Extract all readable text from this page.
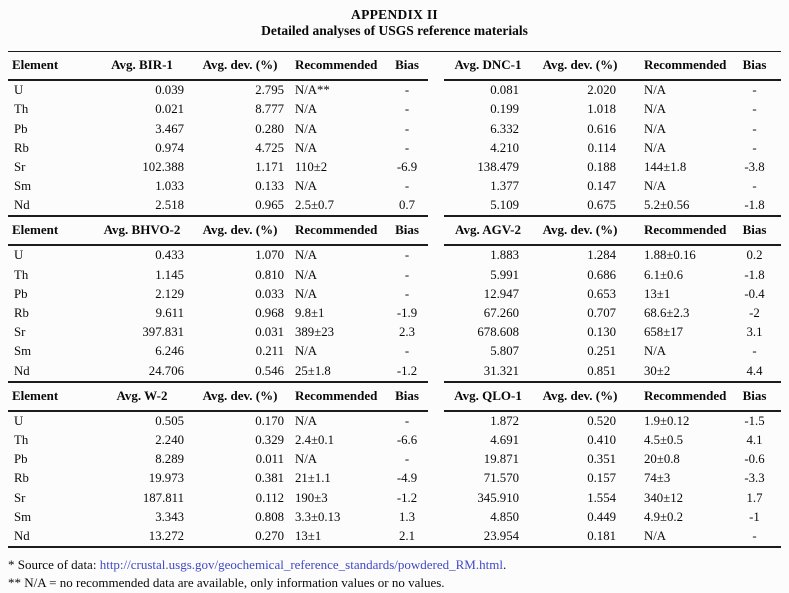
APPENDIX II
Detailed analyses of USGS reference materials
Element	Avg. BIR-1	Avg. dev. (%)	Recommended	Bias		Avg. DNC-1	Avg. dev. (%)	Recommended	Bias
U	0.039	2.795	N/A**	-		0.081	2.020	N/A	-
Th	0.021	8.777	N/A	-		0.199	1.018	N/A	-
Pb	3.467	0.280	N/A	-		6.332	0.616	N/A	-
Rb	0.974	4.725	N/A	-		4.210	0.114	N/A	-
Sr	102.388	1.171	110±2	-6.9		138.479	0.188	144±1.8	-3.8
Sm	1.033	0.133	N/A	-		1.377	0.147	N/A	-
Nd	2.518	0.965	2.5±0.7	0.7		5.109	0.675	5.2±0.56	-1.8
Element	Avg. BHVO-2	Avg. dev. (%)	Recommended	Bias		Avg. AGV-2	Avg. dev. (%)	Recommended	Bias
U	0.433	1.070	N/A	-		1.883	1.284	1.88±0.16	0.2
Th	1.145	0.810	N/A	-		5.991	0.686	6.1±0.6	-1.8
Pb	2.129	0.033	N/A	-		12.947	0.653	13±1	-0.4
Rb	9.611	0.968	9.8±1	-1.9		67.260	0.707	68.6±2.3	-2
Sr	397.831	0.031	389±23	2.3		678.608	0.130	658±17	3.1
Sm	6.246	0.211	N/A	-		5.807	0.251	N/A	-
Nd	24.706	0.546	25±1.8	-1.2		31.321	0.851	30±2	4.4
Element	Avg. W-2	Avg. dev. (%)	Recommended	Bias		Avg. QLO-1	Avg. dev. (%)	Recommended	Bias
U	0.505	0.170	N/A	-		1.872	0.520	1.9±0.12	-1.5
Th	2.240	0.329	2.4±0.1	-6.6		4.691	0.410	4.5±0.5	4.1
Pb	8.289	0.011	N/A	-		19.871	0.351	20±0.8	-0.6
Rb	19.973	0.381	21±1.1	-4.9		71.570	0.157	74±3	-3.3
Sr	187.811	0.112	190±3	-1.2		345.910	1.554	340±12	1.7
Sm	3.343	0.808	3.3±0.13	1.3		4.850	0.449	4.9±0.2	-1
Nd	13.272	0.270	13±1	2.1		23.954	0.181	N/A	-
* Source of data: http://crustal.usgs.gov/geochemical_reference_standards/powdered_RM.html.
** N/A = no recommended data are available, only information values or no values.
